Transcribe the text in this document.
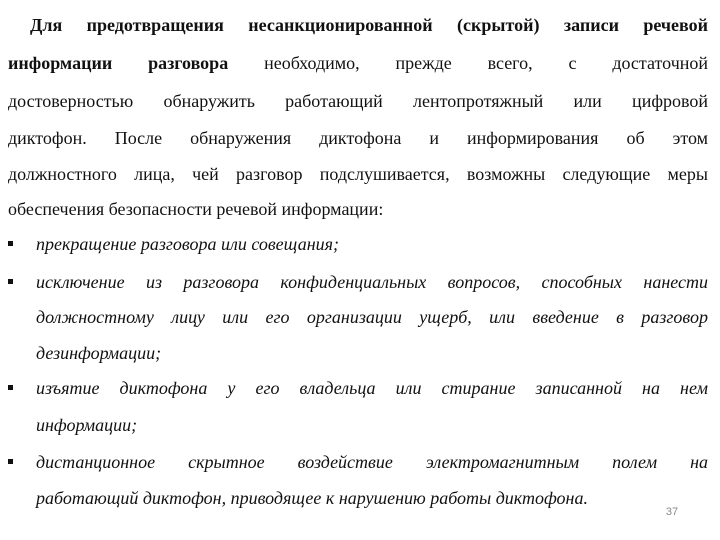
Для предотвращения несанкционированной (скрытой) записи речевой
информации разговора необходимо, прежде всего, с достаточной
достоверностью обнаружить работающий лентопротяжный или цифровой
диктофон. После обнаружения диктофона и информирования об этом
должностного лица, чей разговор подслушивается, возможны следующие меры
обеспечения безопасности речевой информации:
прекращение разговора или совещания;
исключение из разговора конфиденциальных вопросов, способных нанести
должностному лицу или его организации ущерб, или введение в разговор
дезинформации;
изъятие диктофона у его владельца или стирание записанной на нем
информации;
дистанционное скрытное воздействие электромагнитным полем на
работающий диктофон, приводящее к нарушению работы диктофона.
37
